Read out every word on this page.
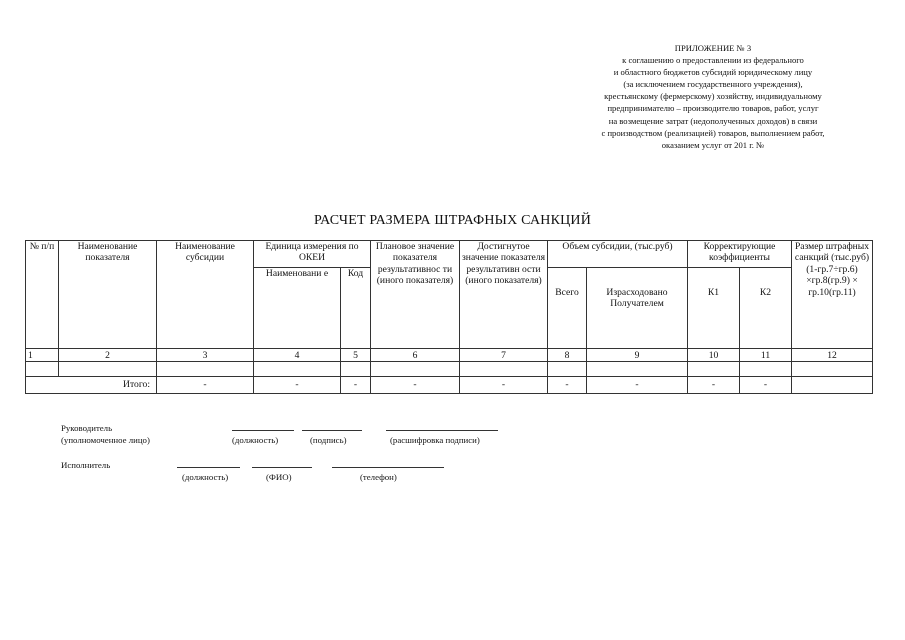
ПРИЛОЖЕНИЕ № 3
к соглашению о предоставлении из федерального
и областного бюджетов субсидий юридическому лицу
(за исключением государственного учреждения),
крестьянскому (фермерскому) хозяйству, индивидуальному
предпринимателю – производителю товаров, работ, услуг
на возмещение затрат (недополученных доходов) в связи
с производством (реализацией) товаров, выполнением работ,
оказанием услуг от 201 г. №
РАСЧЕТ РАЗМЕРА ШТРАФНЫХ САНКЦИЙ
№ п/п	Наименование показателя	Наименование субсидии	Единица измерения по ОКЕИ		Плановое значение показателя результативнос ти (иного показателя)	Достигнутое значение показателя результативн ости (иного показателя)	Объем субсидии, (тыс.руб)		Корректирующие коэффициенты		Размер штрафных санкций (тыс.руб) (1-гр.7÷гр.6) ×гр.8(гр.9) × гр.10(гр.11)
			Наименовани е	Код			Всего	Израсходовано Получателем	К1	К2	
1	2	3	4	5	6	7	8	9	10	11	12

Итого:		-	-	-	-	-	-	-	-	-	
Руководитель
(уполномоченное лицо)	(должность)	(подпись)	(расшифровка подписи)
Исполнитель
(должность)	(ФИО)	(телефон)
